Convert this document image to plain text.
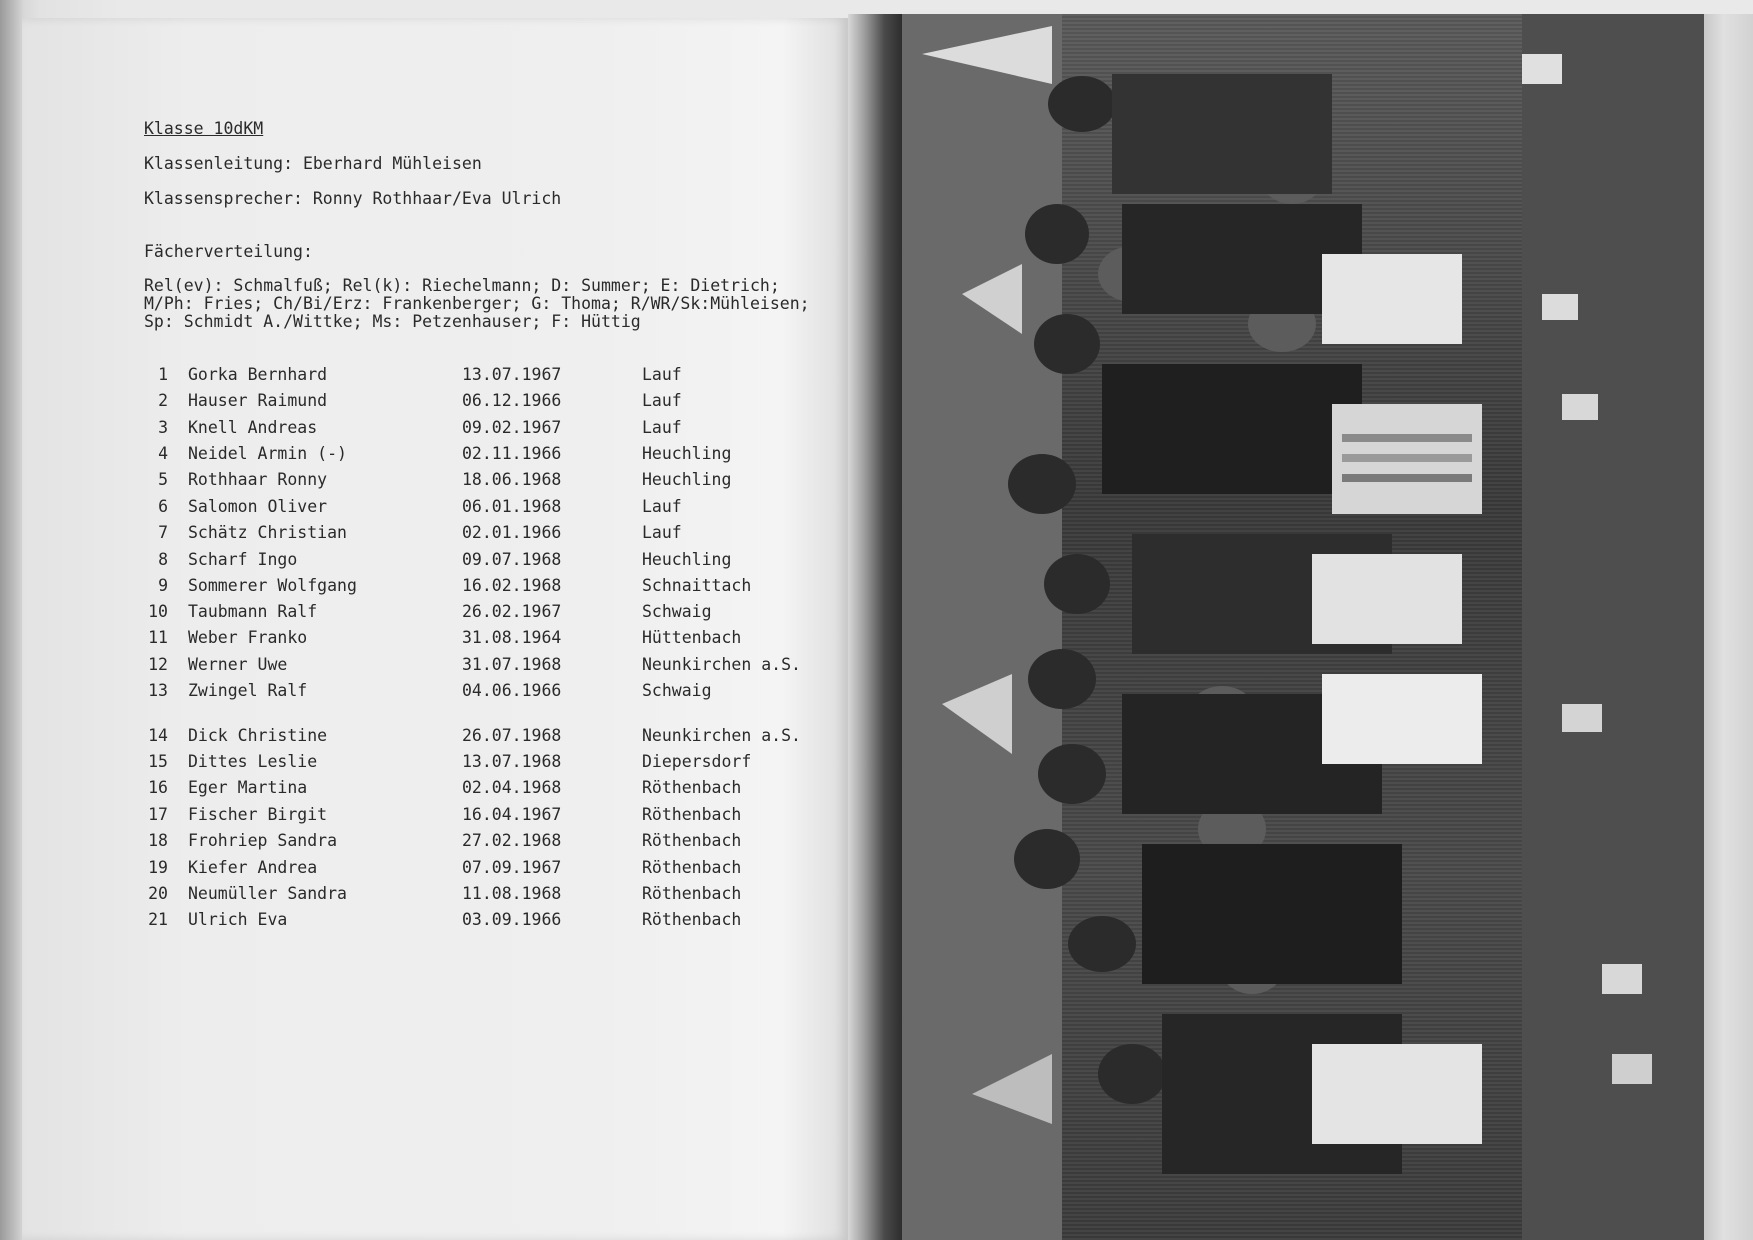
Klasse 10dKM
Klassenleitung: Eberhard Mühleisen
Klassensprecher: Ronny Rothhaar/Eva Ulrich
Fächerverteilung:
Rel(ev): Schmalfuß; Rel(k): Riechelmann; D: Summer; E: Dietrich;
M/Ph: Fries; Ch/Bi/Erz: Frankenberger; G: Thoma; R/WR/Sk:Mühleisen;
Sp: Schmidt A./Wittke; Ms: Petzenhauser; F: Hüttig
1 Gorka Bernhard	13.07.1967	Lauf
2 Hauser Raimund	06.12.1966	Lauf
3 Knell Andreas	09.02.1967	Lauf
4 Neidel Armin (-)	02.11.1966	Heuchling
5 Rothhaar Ronny	18.06.1968	Heuchling
6 Salomon Oliver	06.01.1968	Lauf
7 Schätz Christian	02.01.1966	Lauf
8 Scharf Ingo	09.07.1968	Heuchling
9 Sommerer Wolfgang	16.02.1968	Schnaittach
10 Taubmann Ralf	26.02.1967	Schwaig
11 Weber Franko	31.08.1964	Hüttenbach
12 Werner Uwe	31.07.1968	Neunkirchen a.S.
13 Zwingel Ralf	04.06.1966	Schwaig
14 Dick Christine	26.07.1968	Neunkirchen a.S.
15 Dittes Leslie	13.07.1968	Diepersdorf
16 Eger Martina	02.04.1968	Röthenbach
17 Fischer Birgit	16.04.1967	Röthenbach
18 Frohriep Sandra	27.02.1968	Röthenbach
19 Kiefer Andrea	07.09.1967	Röthenbach
20 Neumüller Sandra	11.08.1968	Röthenbach
21 Ulrich Eva	03.09.1966	Röthenbach
